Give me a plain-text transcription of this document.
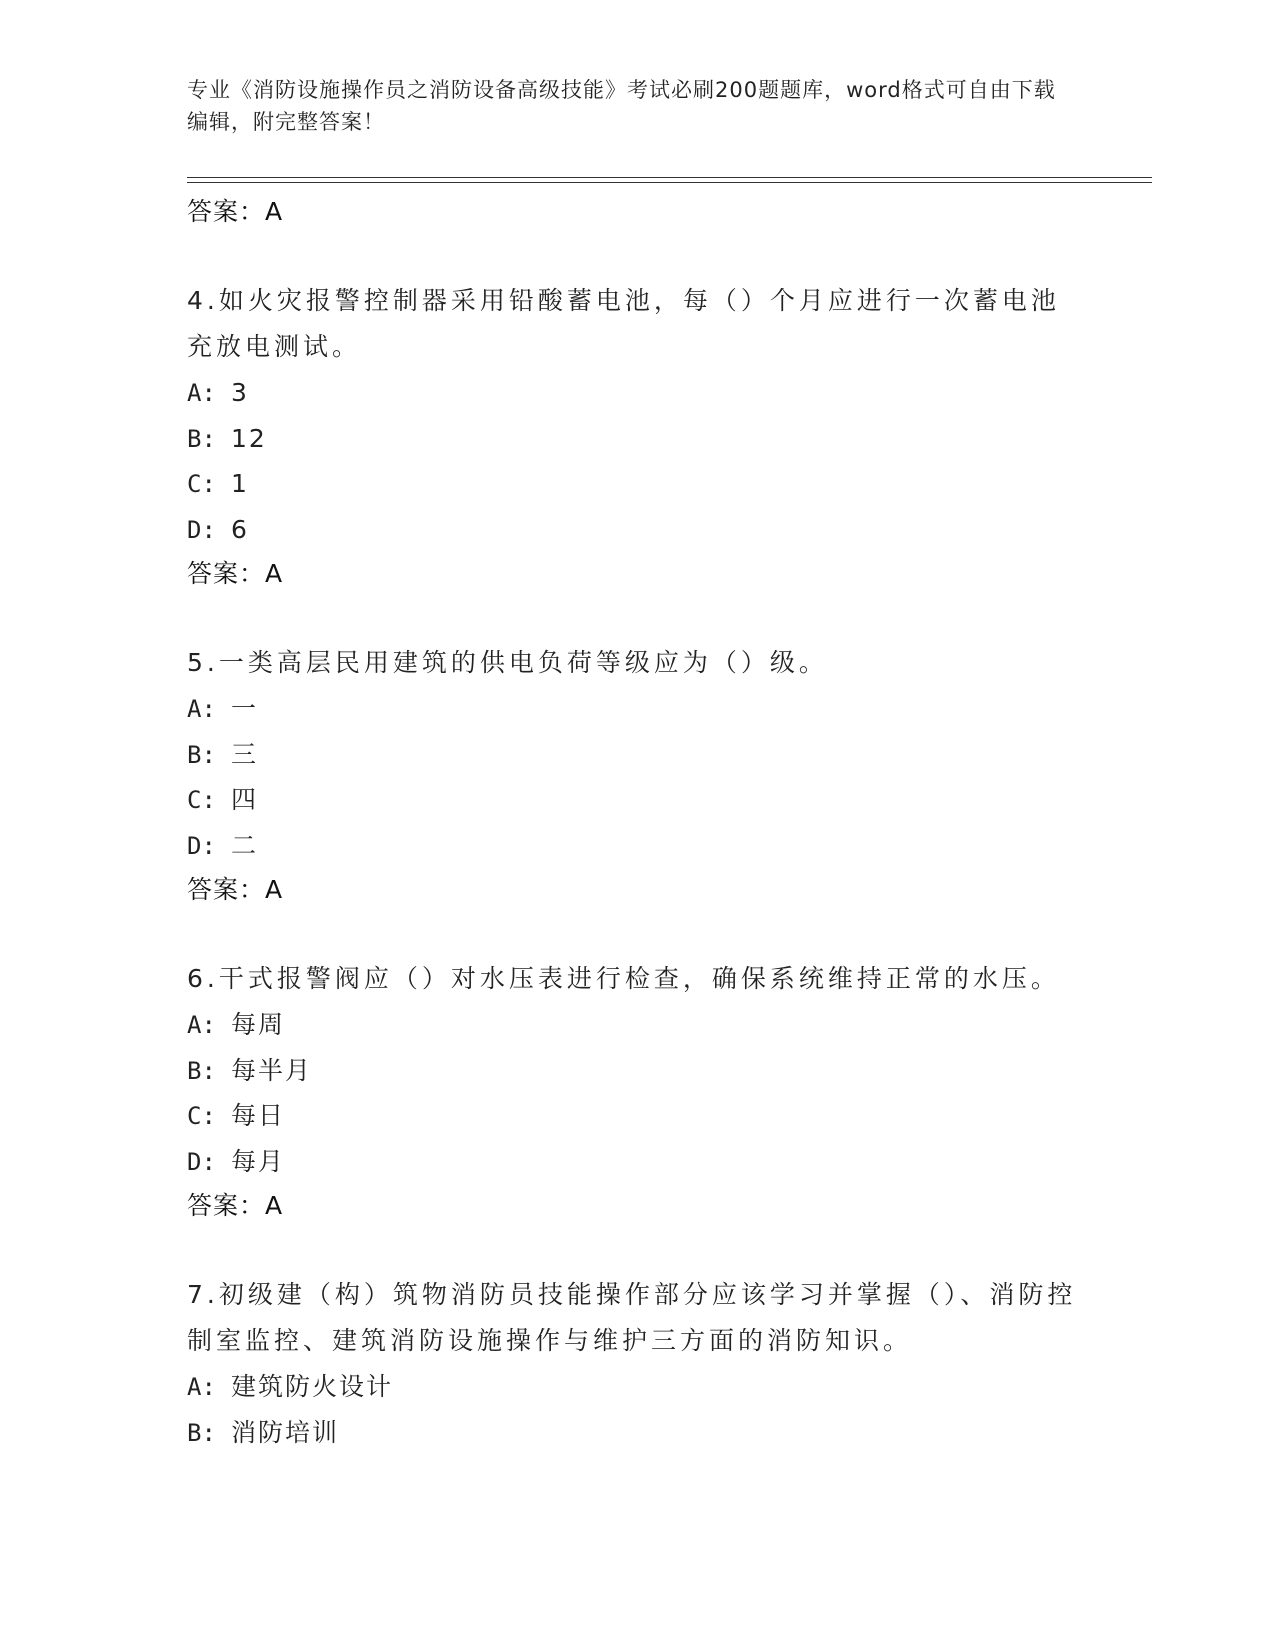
专业《消防设施操作员之消防设备高级技能》考试必刷200题题库，word格式可自由下载编辑，附完整答案！
答案：A
4.如火灾报警控制器采用铅酸蓄电池，每（）个月应进行一次蓄电池充放电测试。
A: 3
B: 12
C: 1
D: 6
答案：A
5.一类高层民用建筑的供电负荷等级应为（）级。
A: 一
B: 三
C: 四
D: 二
答案：A
6.干式报警阀应（）对水压表进行检查，确保系统维持正常的水压。
A: 每周
B: 每半月
C: 每日
D: 每月
答案：A
7.初级建（构）筑物消防员技能操作部分应该学习并掌握（）、消防控制室监控、建筑消防设施操作与维护三方面的消防知识。
A: 建筑防火设计
B: 消防培训
